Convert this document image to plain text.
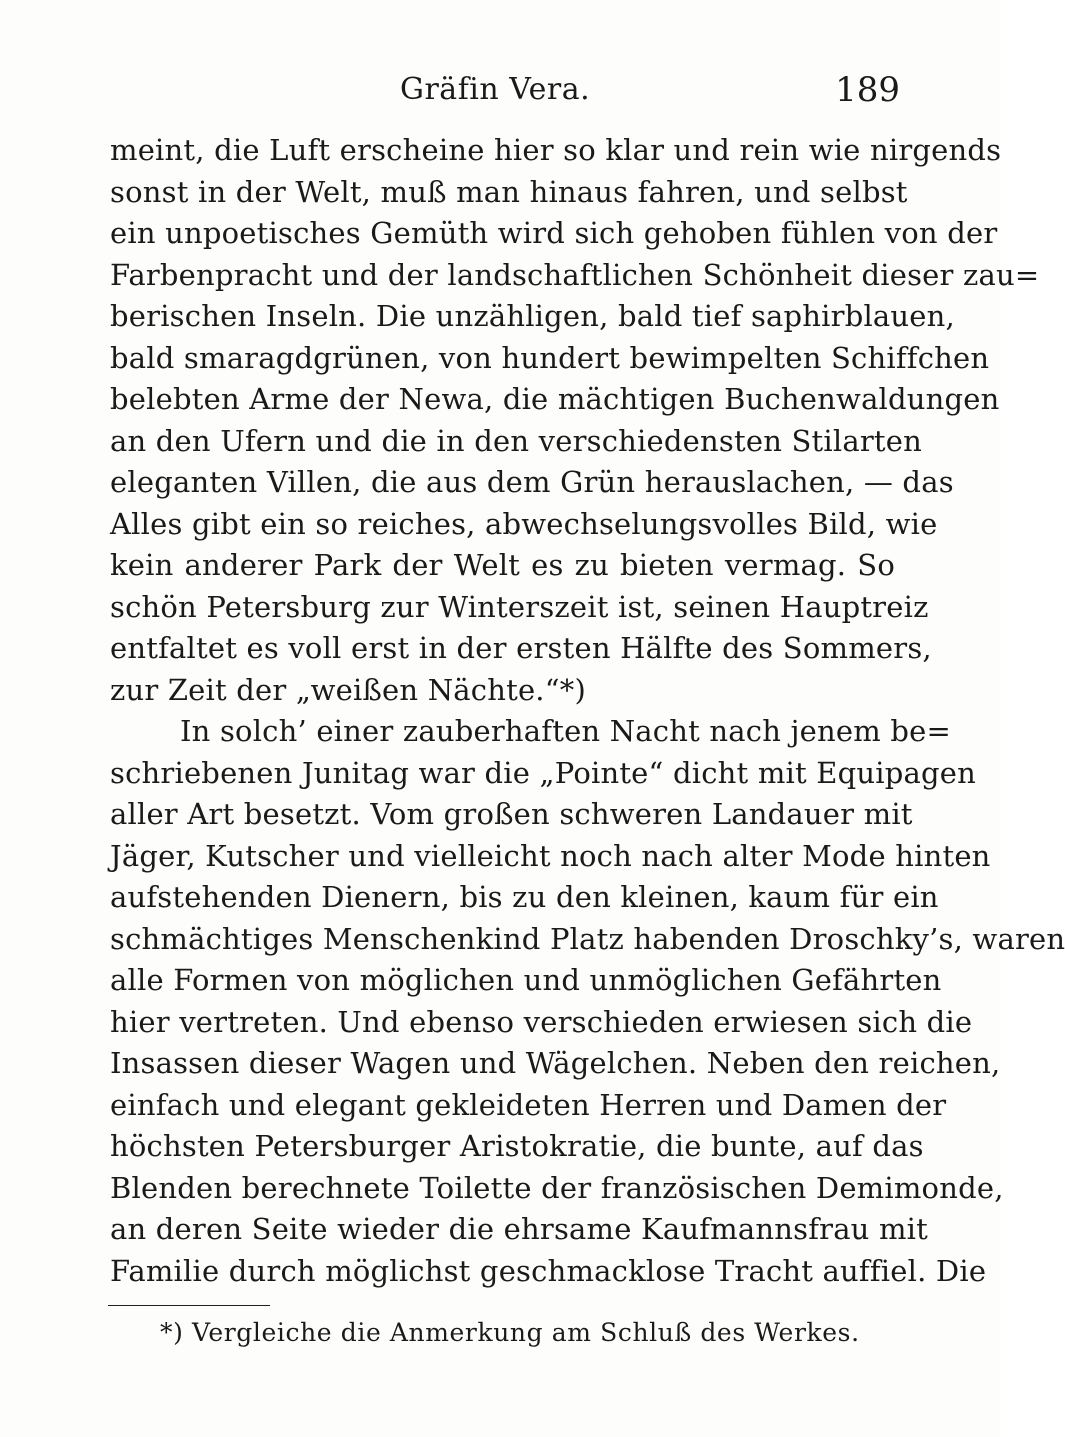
Gräfin Vera.	189
meint, die Luft erscheine hier so klar und rein wie nirgends
sonst in der Welt, muß man hinaus fahren, und selbst
ein unpoetisches Gemüth wird sich gehoben fühlen von der
Farbenpracht und der landschaftlichen Schönheit dieser zau=
berischen Inseln. Die unzähligen, bald tief saphirblauen,
bald smaragdgrünen, von hundert bewimpelten Schiffchen
belebten Arme der Newa, die mächtigen Buchenwaldungen
an den Ufern und die in den verschiedensten Stilarten
eleganten Villen, die aus dem Grün herauslachen, — das
Alles gibt ein so reiches, abwechselungsvolles Bild, wie
kein anderer Park der Welt es zu bieten vermag. So
schön Petersburg zur Winterszeit ist, seinen Hauptreiz
entfaltet es voll erst in der ersten Hälfte des Sommers,
zur Zeit der „weißen Nächte.“*)
In solch’ einer zauberhaften Nacht nach jenem be=
schriebenen Junitag war die „Pointe“ dicht mit Equipagen
aller Art besetzt. Vom großen schweren Landauer mit
Jäger, Kutscher und vielleicht noch nach alter Mode hinten
aufstehenden Dienern, bis zu den kleinen, kaum für ein
schmächtiges Menschenkind Platz habenden Droschky’s, waren
alle Formen von möglichen und unmöglichen Gefährten
hier vertreten. Und ebenso verschieden erwiesen sich die
Insassen dieser Wagen und Wägelchen. Neben den reichen,
einfach und elegant gekleideten Herren und Damen der
höchsten Petersburger Aristokratie, die bunte, auf das
Blenden berechnete Toilette der französischen Demimonde,
an deren Seite wieder die ehrsame Kaufmannsfrau mit
Familie durch möglichst geschmacklose Tracht auffiel. Die
*) Vergleiche die Anmerkung am Schluß des Werkes.
